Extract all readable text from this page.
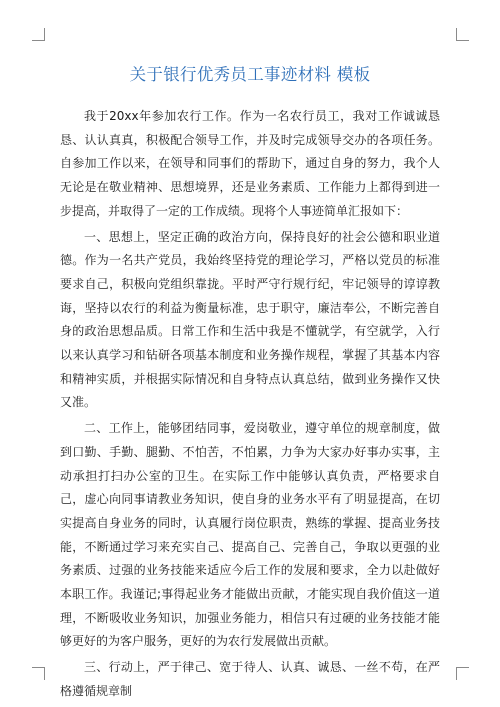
关于银行优秀员工事迹材料 模板

我于20xx年参加农行工作。作为一名农行员工，我对工作诚诚恳恳、认认真真，积极配合领导工作，并及时完成领导交办的各项任务。自参加工作以来，在领导和同事们的帮助下，通过自身的努力，我个人无论是在敬业精神、思想境界，还是业务素质、工作能力上都得到进一步提高，并取得了一定的工作成绩。现将个人事迹简单汇报如下：

一、思想上，坚定正确的政治方向，保持良好的社会公德和职业道德。作为一名共产党员，我始终坚持党的理论学习，严格以党员的标准要求自己，积极向党组织靠拢。平时严守行规行纪，牢记领导的谆谆教诲，坚持以农行的利益为衡量标准，忠于职守，廉洁奉公，不断完善自身的政治思想品质。日常工作和生活中我是不懂就学，有空就学，入行以来认真学习和钻研各项基本制度和业务操作规程，掌握了其基本内容和精神实质，并根据实际情况和自身特点认真总结，做到业务操作又快又准。

二、工作上，能够团结同事，爱岗敬业，遵守单位的规章制度，做到口勤、手勤、腿勤、不怕苦，不怕累，力争为大家办好事办实事，主动承担打扫办公室的卫生。在实际工作中能够认真负责，严格要求自己，虚心向同事请教业务知识，使自身的业务水平有了明显提高，在切实提高自身业务的同时，认真履行岗位职责，熟练的掌握、提高业务技能，不断通过学习来充实自己、提高自己、完善自己，争取以更强的业务素质、过强的业务技能来适应今后工作的发展和要求，全力以赴做好本职工作。我谨记;事得起业务才能做出贡献，才能实现自我价值这一道理，不断吸收业务知识，加强业务能力，相信只有过硬的业务技能才能够更好的为客户服务，更好的为农行发展做出贡献。

三、行动上，严于律己、宽于待人、认真、诚恳、一丝不苟，在严格遵循规章制
